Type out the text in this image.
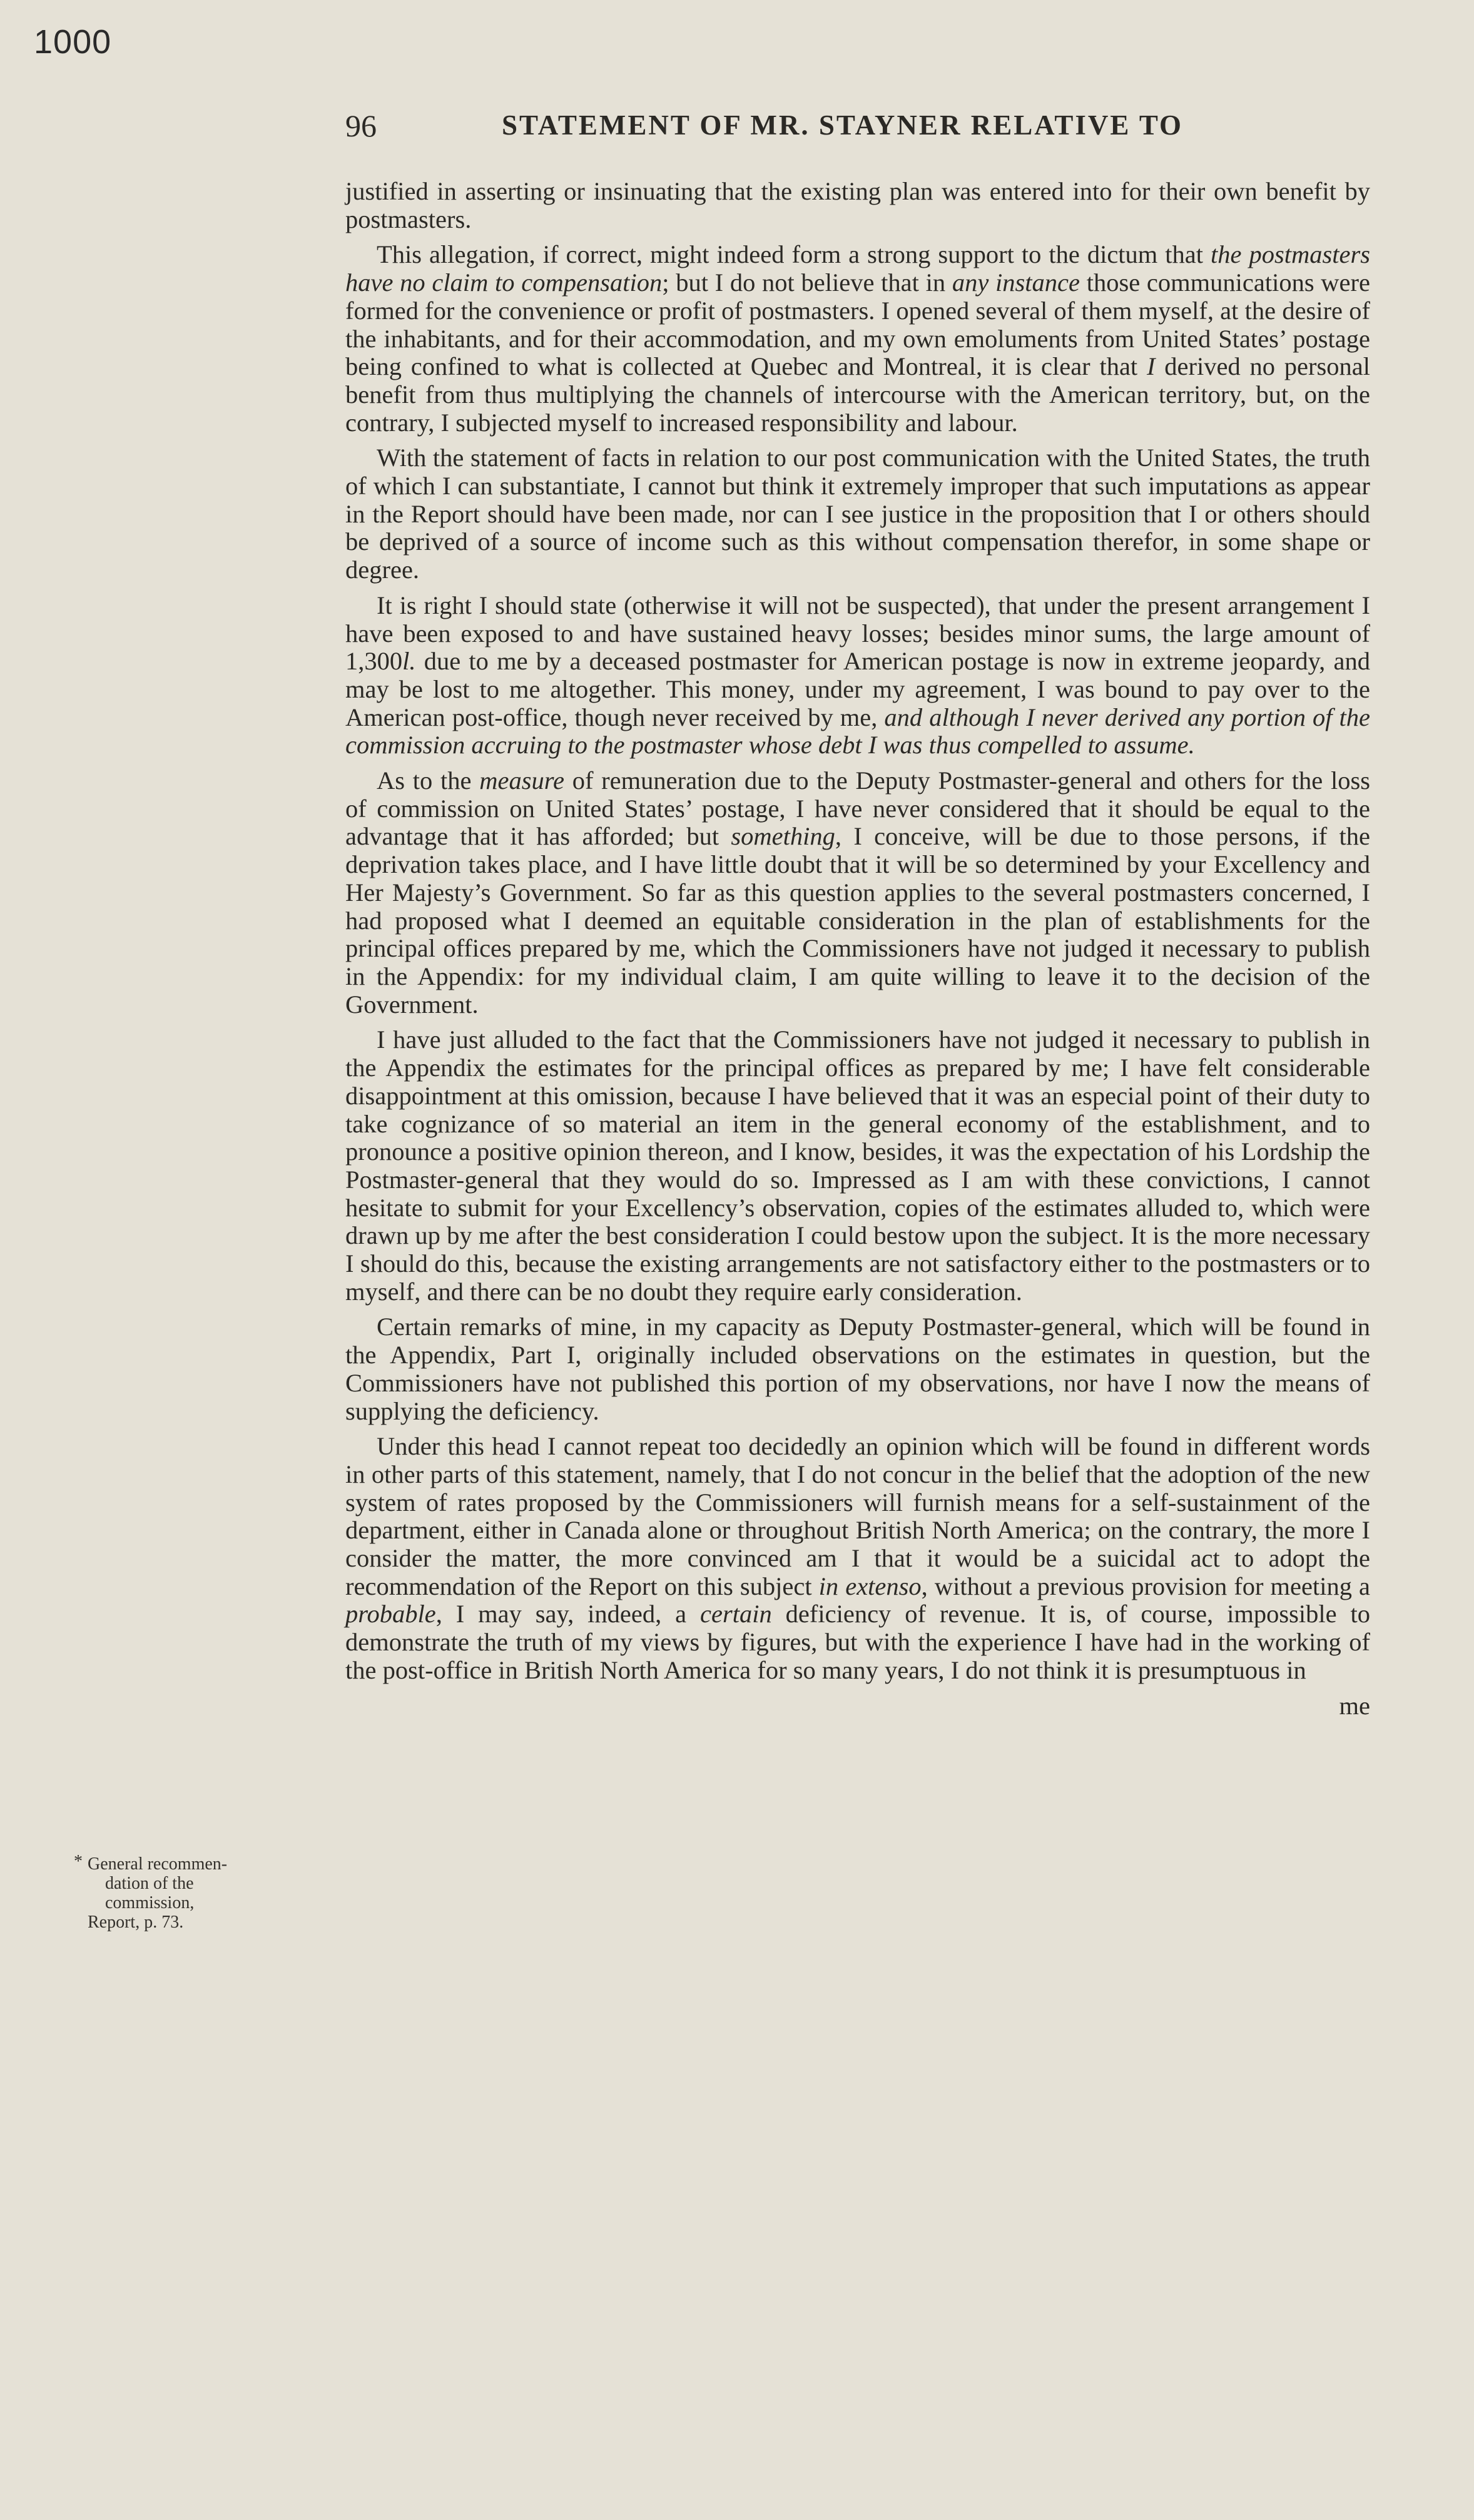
1000
96	STATEMENT OF MR. STAYNER RELATIVE TO
* General recommen-
dation of the
commission,
Report, p. 73.

justified in asserting or insinuating that the existing plan was entered into for their own benefit by postmasters.

This allegation, if correct, might indeed form a strong support to the dictum that the postmasters have no claim to compensation; but I do not believe that in any instance those communications were formed for the convenience or profit of postmasters. I opened several of them myself, at the desire of the inhabitants, and for their accommodation, and my own emoluments from United States’ postage being confined to what is collected at Quebec and Montreal, it is clear that I derived no personal benefit from thus multiplying the channels of intercourse with the American territory, but, on the contrary, I subjected myself to increased responsibility and labour.

With the statement of facts in relation to our post communication with the United States, the truth of which I can substantiate, I cannot but think it extremely improper that such imputations as appear in the Report should have been made, nor can I see justice in the proposition that I or others should be deprived of a source of income such as this without compensation therefor, in some shape or degree.

It is right I should state (otherwise it will not be suspected), that under the present arrangement I have been exposed to and have sustained heavy losses; besides minor sums, the large amount of 1,300l. due to me by a deceased postmaster for American postage is now in extreme jeopardy, and may be lost to me altogether. This money, under my agreement, I was bound to pay over to the American post-office, though never received by me, and although I never derived any portion of the commission accruing to the postmaster whose debt I was thus compelled to assume.

As to the measure of remuneration due to the Deputy Postmaster-general and others for the loss of commission on United States’ postage, I have never considered that it should be equal to the advantage that it has afforded; but something, I conceive, will be due to those persons, if the deprivation takes place, and I have little doubt that it will be so determined by your Excellency and Her Majesty’s Government. So far as this question applies to the several postmasters concerned, I had proposed what I deemed an equitable consideration in the plan of establishments for the principal offices prepared by me, which the Commissioners have not judged it necessary to publish in the Appendix: for my individual claim, I am quite willing to leave it to the decision of the Government.

I have just alluded to the fact that the Commissioners have not judged it necessary to publish in the Appendix the estimates for the principal offices as prepared by me; I have felt considerable disappointment at this omission, because I have believed that it was an especial point of their duty to take cognizance of so material an item in the general economy of the establishment, and to pronounce a positive opinion thereon, and I know, besides, it was the expectation of his Lordship the Postmaster-general that they would do so. Impressed as I am with these convictions, I cannot hesitate to submit for your Excellency’s observation, copies of the estimates alluded to, which were drawn up by me after the best consideration I could bestow upon the subject. It is the more necessary I should do this, because the existing arrangements are not satisfactory either to the postmasters or to myself, and there can be no doubt they require early consideration.

Certain remarks of mine, in my capacity as Deputy Postmaster-general, which will be found in the Appendix, Part I, originally included observations on the estimates in question, but the Commissioners have not published this portion of my observations, nor have I now the means of supplying the deficiency.

Under this head I cannot repeat too decidedly an opinion which will be found in different words in other parts of this statement, namely, that I do not concur in the belief that the adoption of the new system of rates proposed by the Commissioners will furnish means for a self-sustainment of the department, either in Canada alone or throughout British North America; on the contrary, the more I consider the matter, the more convinced am I that it would be a suicidal act to adopt the recommendation of the Report on this subject in extenso, without a previous provision for meeting a probable, I may say, indeed, a certain deficiency of revenue. It is, of course, impossible to demonstrate the truth of my views by figures, but with the experience I have had in the working of the post-office in British North America for so many years, I do not think it is presumptuous in

me
